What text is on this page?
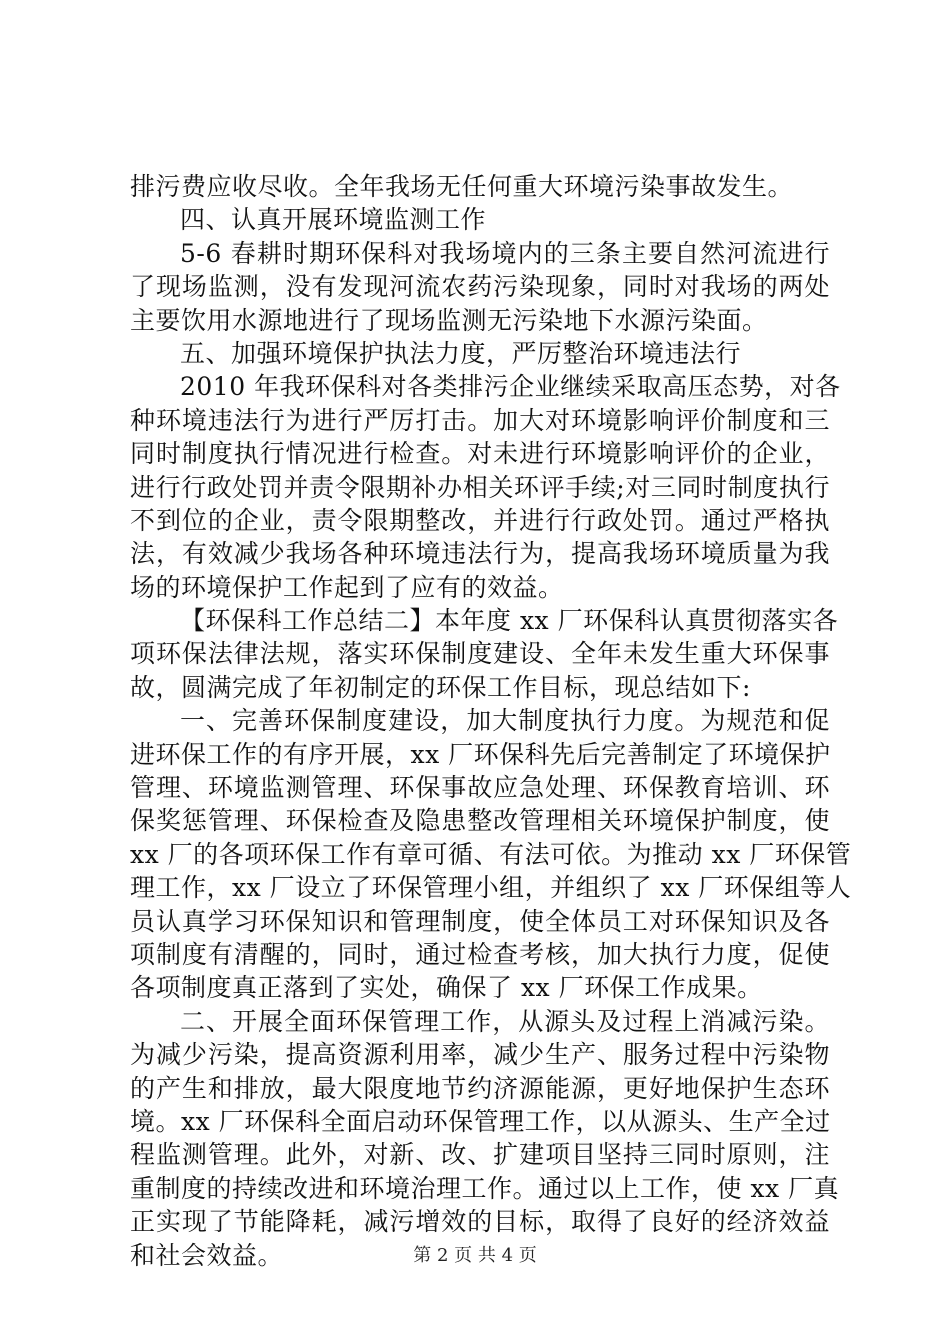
排污费应收尽收。全年我场无任何重大环境污染事故发生。
四、认真开展环境监测工作
5-6 春耕时期环保科对我场境内的三条主要自然河流进行
了现场监测，没有发现河流农药污染现象，同时对我场的两处
主要饮用水源地进行了现场监测无污染地下水源污染面。
五、加强环境保护执法力度，严厉整治环境违法行
2010 年我环保科对各类排污企业继续采取高压态势，对各
种环境违法行为进行严厉打击。加大对环境影响评价制度和三
同时制度执行情况进行检查。对未进行环境影响评价的企业，
进行行政处罚并责令限期补办相关环评手续;对三同时制度执行
不到位的企业，责令限期整改，并进行行政处罚。通过严格执
法，有效减少我场各种环境违法行为，提高我场环境质量为我
场的环境保护工作起到了应有的效益。
【环保科工作总结二】本年度 xx 厂环保科认真贯彻落实各
项环保法律法规，落实环保制度建设、全年未发生重大环保事
故，圆满完成了年初制定的环保工作目标，现总结如下:
一、完善环保制度建设，加大制度执行力度。为规范和促
进环保工作的有序开展，xx 厂环保科先后完善制定了环境保护
管理、环境监测管理、环保事故应急处理、环保教育培训、环
保奖惩管理、环保检查及隐患整改管理相关环境保护制度，使
xx 厂的各项环保工作有章可循、有法可依。为推动 xx 厂环保管
理工作，xx 厂设立了环保管理小组，并组织了 xx 厂环保组等人
员认真学习环保知识和管理制度，使全体员工对环保知识及各
项制度有清醒的，同时，通过检查考核，加大执行力度，促使
各项制度真正落到了实处，确保了 xx 厂环保工作成果。
二、开展全面环保管理工作，从源头及过程上消减污染。
为减少污染，提高资源利用率，减少生产、服务过程中污染物
的产生和排放，最大限度地节约济源能源，更好地保护生态环
境。xx 厂环保科全面启动环保管理工作，以从源头、生产全过
程监测管理。此外，对新、改、扩建项目坚持三同时原则，注
重制度的持续改进和环境治理工作。通过以上工作，使 xx 厂真
正实现了节能降耗，减污增效的目标，取得了良好的经济效益
和社会效益。	第 2 页 共 4 页
